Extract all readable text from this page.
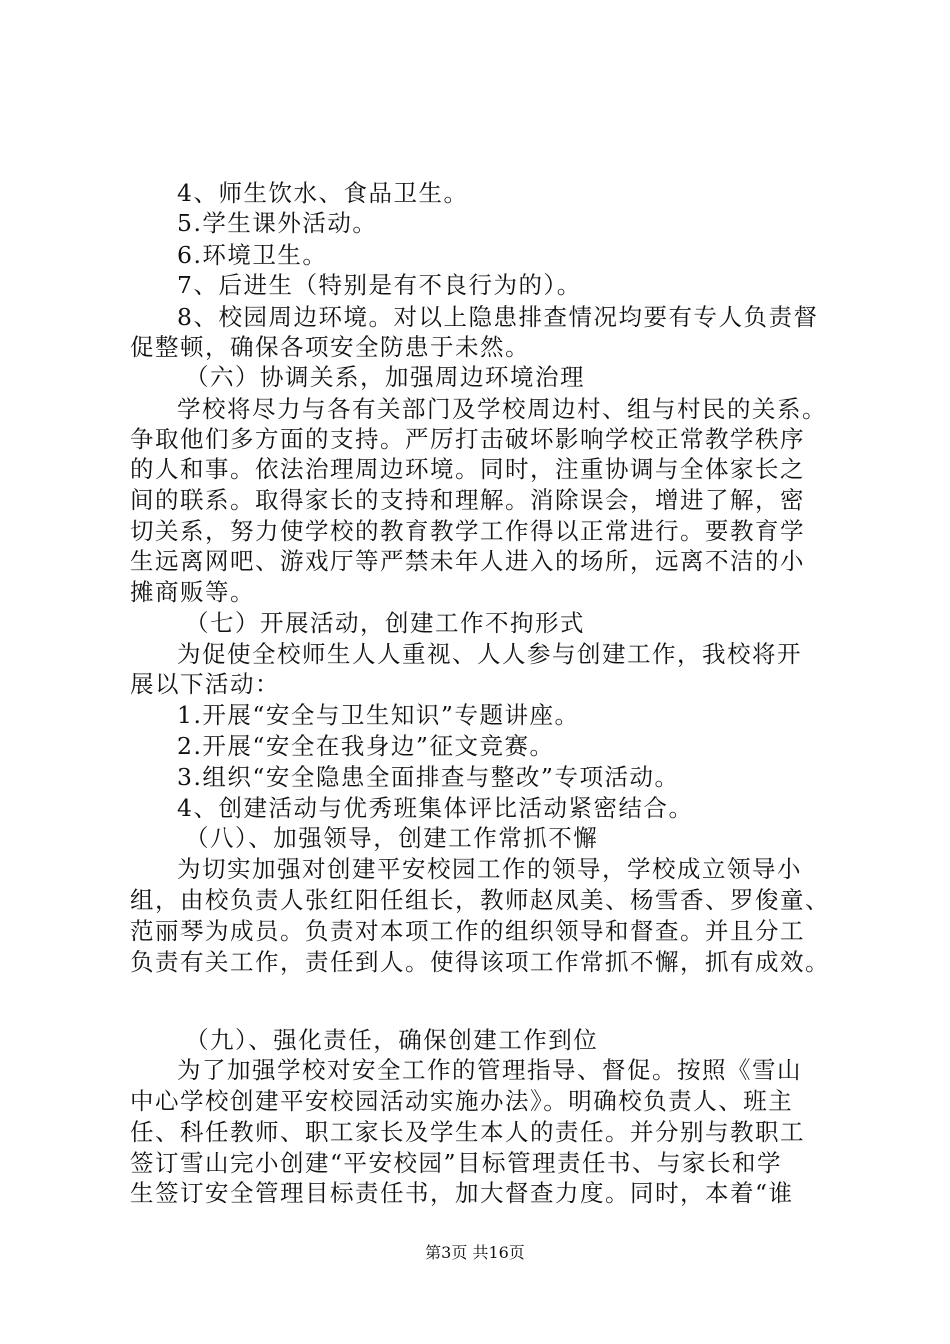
4、师生饮水、食品卫生。
5.学生课外活动。
6.环境卫生。
7、后进生（特别是有不良行为的）。
8、校园周边环境。对以上隐患排查情况均要有专人负责督
促整顿，确保各项安全防患于未然。
（六）协调关系，加强周边环境治理
学校将尽力与各有关部门及学校周边村、组与村民的关系。
争取他们多方面的支持。严厉打击破坏影响学校正常教学秩序
的人和事。依法治理周边环境。同时，注重协调与全体家长之
间的联系。取得家长的支持和理解。消除误会，增进了解，密
切关系，努力使学校的教育教学工作得以正常进行。要教育学
生远离网吧、游戏厅等严禁未年人进入的场所，远离不洁的小
摊商贩等。
（七）开展活动，创建工作不拘形式
为促使全校师生人人重视、人人参与创建工作，我校将开
展以下活动：
1.开展“安全与卫生知识”专题讲座。
2.开展“安全在我身边”征文竞赛。
3.组织“安全隐患全面排查与整改”专项活动。
4、创建活动与优秀班集体评比活动紧密结合。
（八）、加强领导，创建工作常抓不懈
为切实加强对创建平安校园工作的领导，学校成立领导小
组，由校负责人张红阳任组长，教师赵凤美、杨雪香、罗俊童、
范丽琴为成员。负责对本项工作的组织领导和督查。并且分工
负责有关工作，责任到人。使得该项工作常抓不懈，抓有成效。
（九）、强化责任，确保创建工作到位
为了加强学校对安全工作的管理指导、督促。按照《雪山
中心学校创建平安校园活动实施办法》。明确校负责人、班主
任、科任教师、职工家长及学生本人的责任。并分别与教职工
签订雪山完小创建“平安校园”目标管理责任书、与家长和学
生签订安全管理目标责任书，加大督查力度。同时，本着“谁
第3页 共16页
